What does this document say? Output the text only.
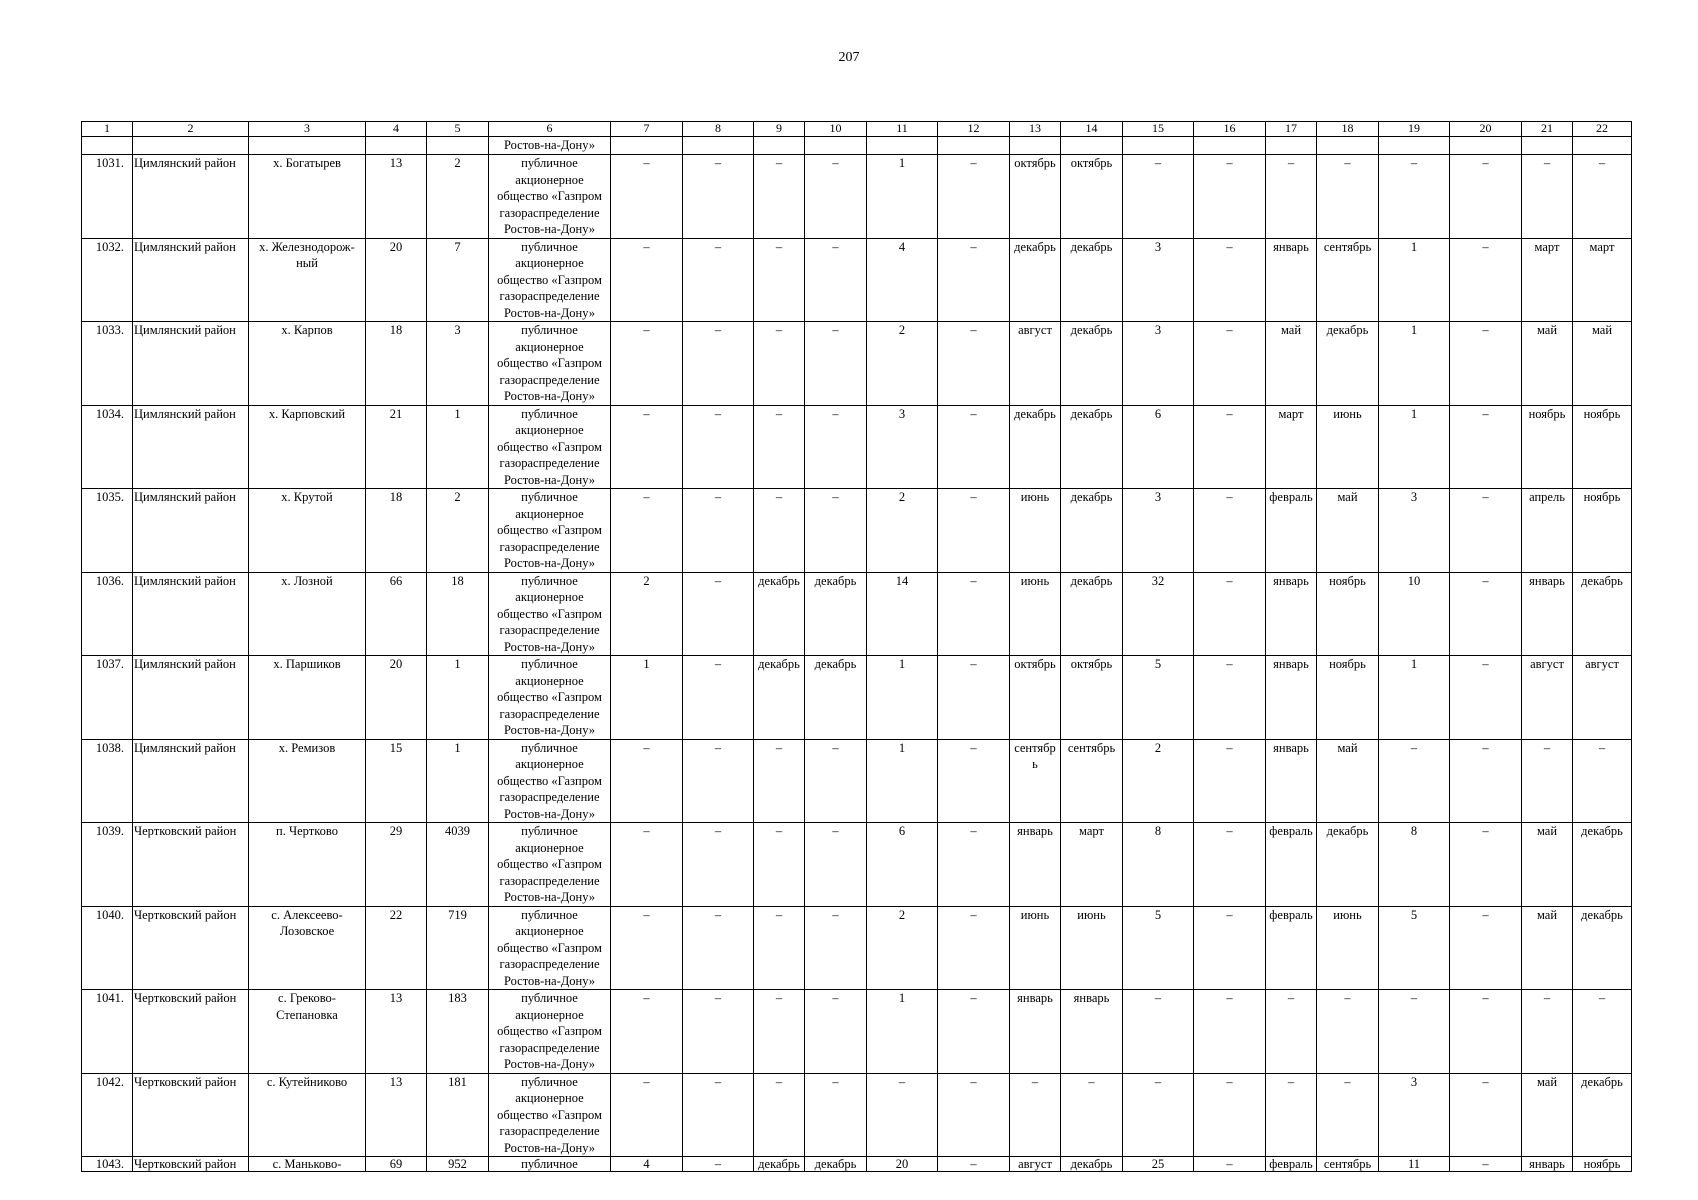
207
1	2	3	4	5	6	7	8	9	10	11	12	13	14	15	16	17	18	19	20	21	22
					Ростов-на-Дону»																
1031.	Цимлянский район	х. Богатырев	13	2	публичное акционерное общество «Газпром газораспределение Ростов-на-Дону»	–	–	–	–	1	–	октябрь	октябрь	–	–	–	–	–	–	–	–
1032.	Цимлянский район	х. Железнодорож-ный	20	7	публичное акционерное общество «Газпром газораспределение Ростов-на-Дону»	–	–	–	–	4	–	декабрь	декабрь	3	–	январь	сентябрь	1	–	март	март
1033.	Цимлянский район	х. Карпов	18	3	публичное акционерное общество «Газпром газораспределение Ростов-на-Дону»	–	–	–	–	2	–	август	декабрь	3	–	май	декабрь	1	–	май	май
1034.	Цимлянский район	х. Карповский	21	1	публичное акционерное общество «Газпром газораспределение Ростов-на-Дону»	–	–	–	–	3	–	декабрь	декабрь	6	–	март	июнь	1	–	ноябрь	ноябрь
1035.	Цимлянский район	х. Крутой	18	2	публичное акционерное общество «Газпром газораспределение Ростов-на-Дону»	–	–	–	–	2	–	июнь	декабрь	3	–	февраль	май	3	–	апрель	ноябрь
1036.	Цимлянский район	х. Лозной	66	18	публичное акционерное общество «Газпром газораспределение Ростов-на-Дону»	2	–	декабрь	декабрь	14	–	июнь	декабрь	32	–	январь	ноябрь	10	–	январь	декабрь
1037.	Цимлянский район	х. Паршиков	20	1	публичное акционерное общество «Газпром газораспределение Ростов-на-Дону»	1	–	декабрь	декабрь	1	–	октябрь	октябрь	5	–	январь	ноябрь	1	–	август	август
1038.	Цимлянский район	х. Ремизов	15	1	публичное акционерное общество «Газпром газораспределение Ростов-на-Дону»	–	–	–	–	1	–	сентябр ь	сентябрь	2	–	январь	май	–	–	–	–
1039.	Чертковский район	п. Чертково	29	4039	публичное акционерное общество «Газпром газораспределение Ростов-на-Дону»	–	–	–	–	6	–	январь	март	8	–	февраль	декабрь	8	–	май	декабрь
1040.	Чертковский район	с. Алексеево-Лозовское	22	719	публичное акционерное общество «Газпром газораспределение Ростов-на-Дону»	–	–	–	–	2	–	июнь	июнь	5	–	февраль	июнь	5	–	май	декабрь
1041.	Чертковский район	с. Греково-Степановка	13	183	публичное акционерное общество «Газпром газораспределение Ростов-на-Дону»	–	–	–	–	1	–	январь	январь	–	–	–	–	–	–	–	–
1042.	Чертковский район	с. Кутейниково	13	181	публичное акционерное общество «Газпром газораспределение Ростов-на-Дону»	–	–	–	–	–	–	–	–	–	–	–	–	3	–	май	декабрь
1043.	Чертковский район	с. Маньково-	69	952	публичное	4	–	декабрь	декабрь	20	–	август	декабрь	25	–	февраль	сентябрь	11	–	январь	ноябрь
